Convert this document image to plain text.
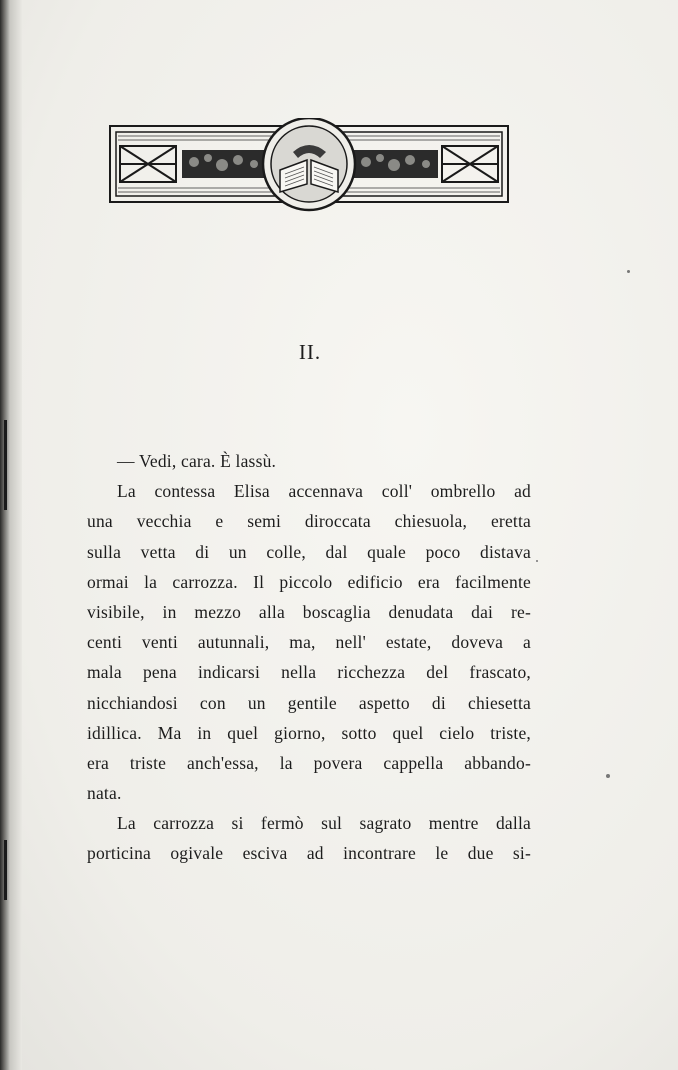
II.
— Vedi, cara. È lassù.
La contessa Elisa accennava coll' ombrello ad
una vecchia e semi diroccata chiesuola, eretta
sulla vetta di un colle, dal quale poco distava
ormai la carrozza. Il piccolo edificio era facilmente
visibile, in mezzo alla boscaglia denudata dai re-
centi venti autunnali, ma, nell' estate, doveva a
mala pena indicarsi nella ricchezza del frascato,
nicchiandosi con un gentile aspetto di chiesetta
idillica. Ma in quel giorno, sotto quel cielo triste,
era triste anch'essa, la povera cappella abbando-
nata.
La carrozza si fermò sul sagrato mentre dalla
porticina ogivale esciva ad incontrare le due si-
